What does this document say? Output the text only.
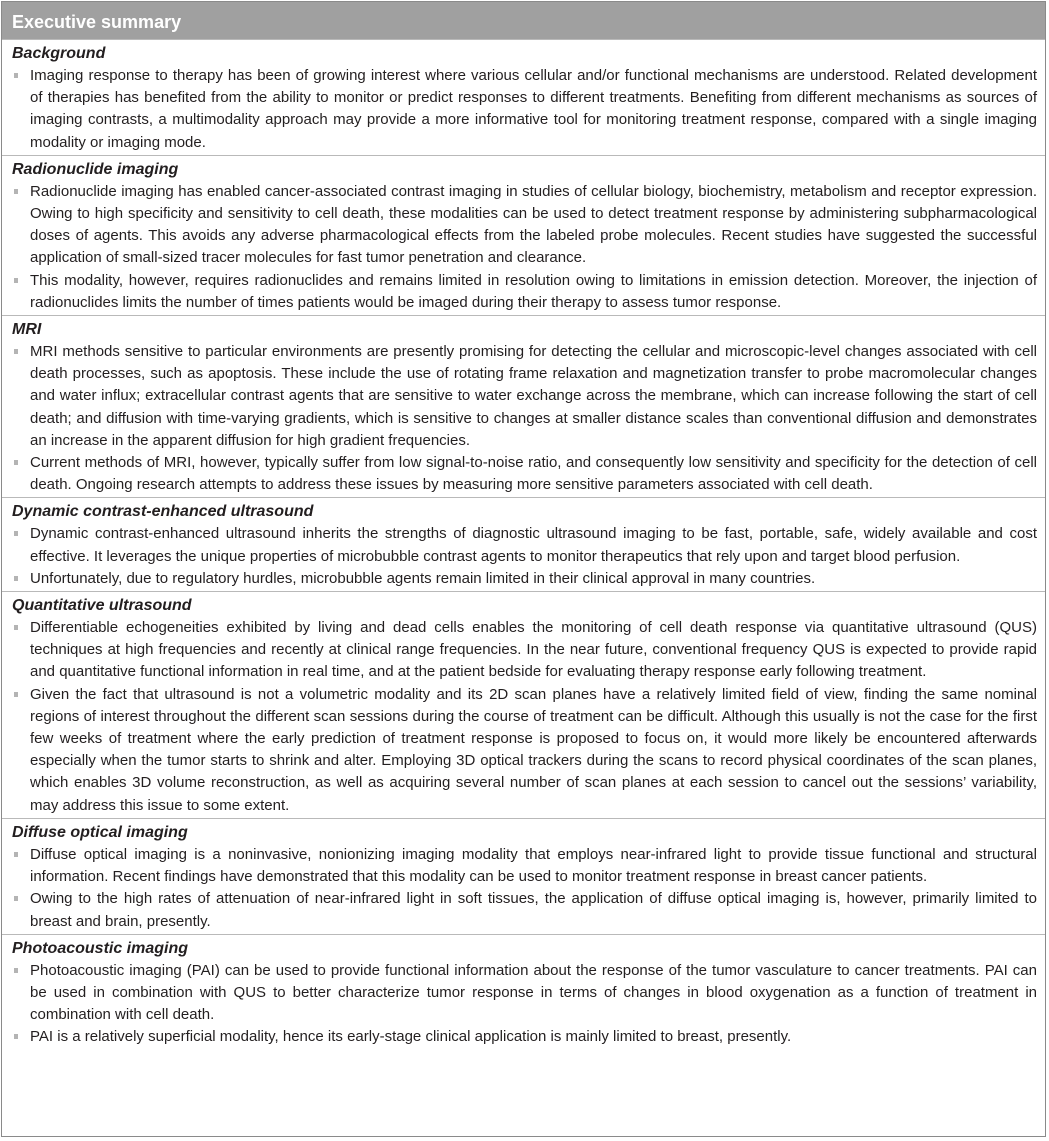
Executive summary

Background

Imaging response to therapy has been of growing interest where various cellular and/or functional mechanisms are understood. Related development of therapies has benefited from the ability to monitor or predict responses to different treatments. Benefiting from different mechanisms as sources of imaging contrasts, a multimodality approach may provide a more informative tool for monitoring treatment response, compared with a single imaging modality or imaging mode.

Radionuclide imaging

Radionuclide imaging has enabled cancer-associated contrast imaging in studies of cellular biology, biochemistry, metabolism and receptor expression. Owing to high specificity and sensitivity to cell death, these modalities can be used to detect treatment response by administering subpharmacological doses of agents. This avoids any adverse pharmacological effects from the labeled probe molecules. Recent studies have suggested the successful application of small-sized tracer molecules for fast tumor penetration and clearance.
This modality, however, requires radionuclides and remains limited in resolution owing to limitations in emission detection. Moreover, the injection of radionuclides limits the number of times patients would be imaged during their therapy to assess tumor response.

MRI

MRI methods sensitive to particular environments are presently promising for detecting the cellular and microscopic-level changes associated with cell death processes, such as apoptosis. These include the use of rotating frame relaxation and magnetization transfer to probe macromolecular changes and water influx; extracellular contrast agents that are sensitive to water exchange across the membrane, which can increase following the start of cell death; and diffusion with time-varying gradients, which is sensitive to changes at smaller distance scales than conventional diffusion and demonstrates an increase in the apparent diffusion for high gradient frequencies.
Current methods of MRI, however, typically suffer from low signal-to-noise ratio, and consequently low sensitivity and specificity for the detection of cell death. Ongoing research attempts to address these issues by measuring more sensitive parameters associated with cell death.

Dynamic contrast-enhanced ultrasound

Dynamic contrast-enhanced ultrasound inherits the strengths of diagnostic ultrasound imaging to be fast, portable, safe, widely available and cost effective. It leverages the unique properties of microbubble contrast agents to monitor therapeutics that rely upon and target blood perfusion.
Unfortunately, due to regulatory hurdles, microbubble agents remain limited in their clinical approval in many countries.

Quantitative ultrasound

Differentiable echogeneities exhibited by living and dead cells enables the monitoring of cell death response via quantitative ultrasound (QUS) techniques at high frequencies and recently at clinical range frequencies. In the near future, conventional frequency QUS is expected to provide rapid and quantitative functional information in real time, and at the patient bedside for evaluating therapy response early following treatment.
Given the fact that ultrasound is not a volumetric modality and its 2D scan planes have a relatively limited field of view, finding the same nominal regions of interest throughout the different scan sessions during the course of treatment can be difficult. Although this usually is not the case for the first few weeks of treatment where the early prediction of treatment response is proposed to focus on, it would more likely be encountered afterwards especially when the tumor starts to shrink and alter. Employing 3D optical trackers during the scans to record physical coordinates of the scan planes, which enables 3D volume reconstruction, as well as acquiring several number of scan planes at each session to cancel out the sessions’ variability, may address this issue to some extent.

Diffuse optical imaging

Diffuse optical imaging is a noninvasive, nonionizing imaging modality that employs near-infrared light to provide tissue functional and structural information. Recent findings have demonstrated that this modality can be used to monitor treatment response in breast cancer patients.
Owing to the high rates of attenuation of near-infrared light in soft tissues, the application of diffuse optical imaging is, however, primarily limited to breast and brain, presently.

Photoacoustic imaging

Photoacoustic imaging (PAI) can be used to provide functional information about the response of the tumor vasculature to cancer treatments. PAI can be used in combination with QUS to better characterize tumor response in terms of changes in blood oxygenation as a function of treatment in combination with cell death.
PAI is a relatively superficial modality, hence its early-stage clinical application is mainly limited to breast, presently.
